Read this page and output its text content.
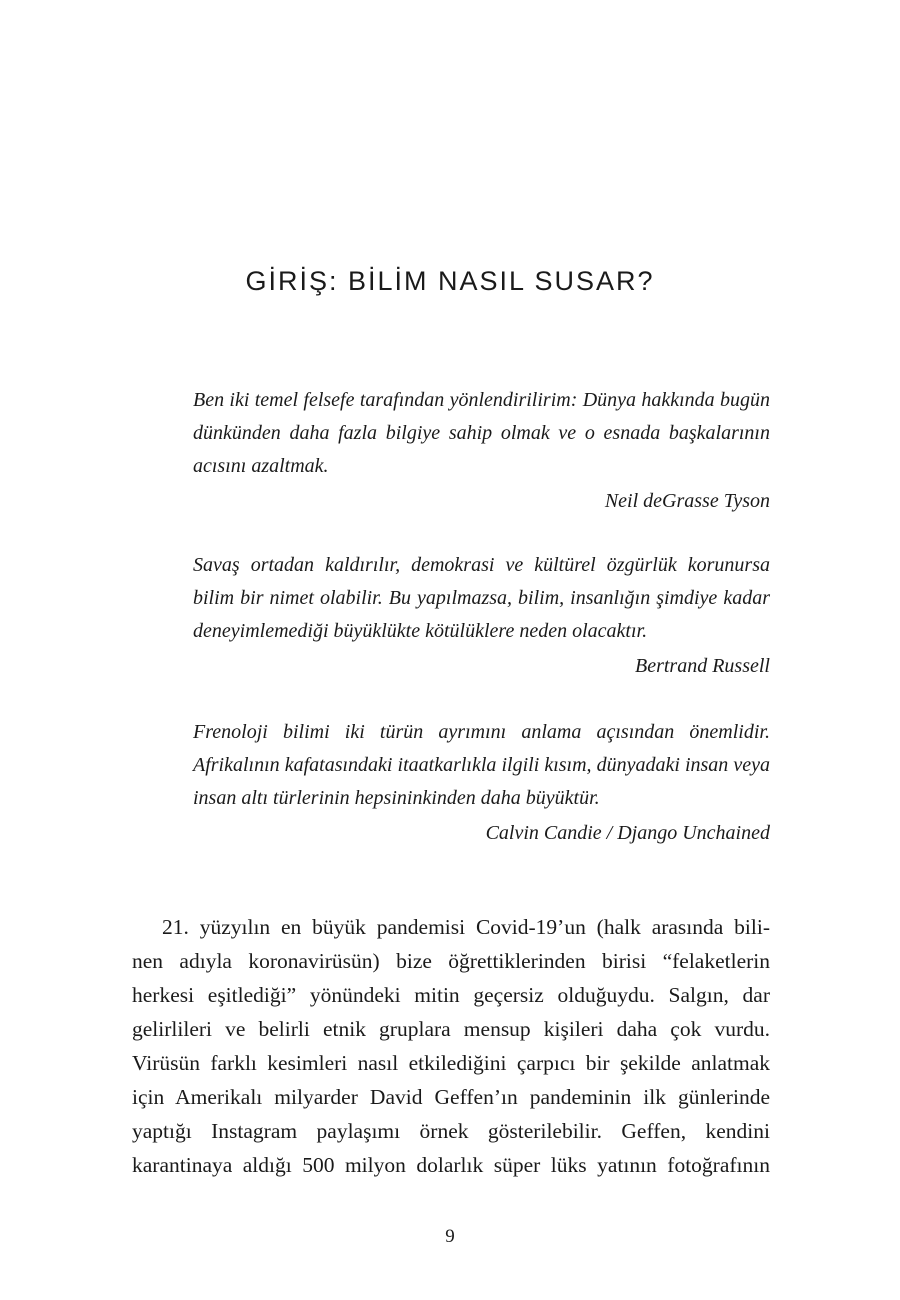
GİRİŞ: BİLİM NASIL SUSAR?

Ben iki temel felsefe tarafından yönlendirilirim: Dünya hakkında bugün dünkünden daha fazla bilgiye sahip olmak ve o esnada başkalarının acısını azaltmak.

Neil deGrasse Tyson

Savaş ortadan kaldırılır, demokrasi ve kültürel özgürlük korunursa bilim bir nimet olabilir. Bu yapılmazsa, bilim, insanlığın şimdiye kadar deneyimlemediği büyüklükte kötülüklere neden olacaktır.

Bertrand Russell

Frenoloji bilimi iki türün ayrımını anlama açısından önemlidir. Afrikalının kafatasındaki itaatkarlıkla ilgili kısım, dünyadaki insan veya insan altı türlerinin hepsininkinden daha büyüktür.

Calvin Candie / Django Unchained

21. yüzyılın en büyük pandemisi Covid-19’un (halk arasında bili-
nen adıyla koronavirüsün) bize öğrettiklerinden birisi “felaketlerin
herkesi eşitlediği” yönündeki mitin geçersiz olduğuydu. Salgın, dar
gelirlileri ve belirli etnik gruplara mensup kişileri daha çok vurdu.
Virüsün farklı kesimleri nasıl etkilediğini çarpıcı bir şekilde anlatmak
için Amerikalı milyarder David Geffen’ın pandeminin ilk günlerinde
yaptığı Instagram paylaşımı örnek gösterilebilir. Geffen, kendini
karantinaya aldığı 500 milyon dolarlık süper lüks yatının fotoğrafının
9
